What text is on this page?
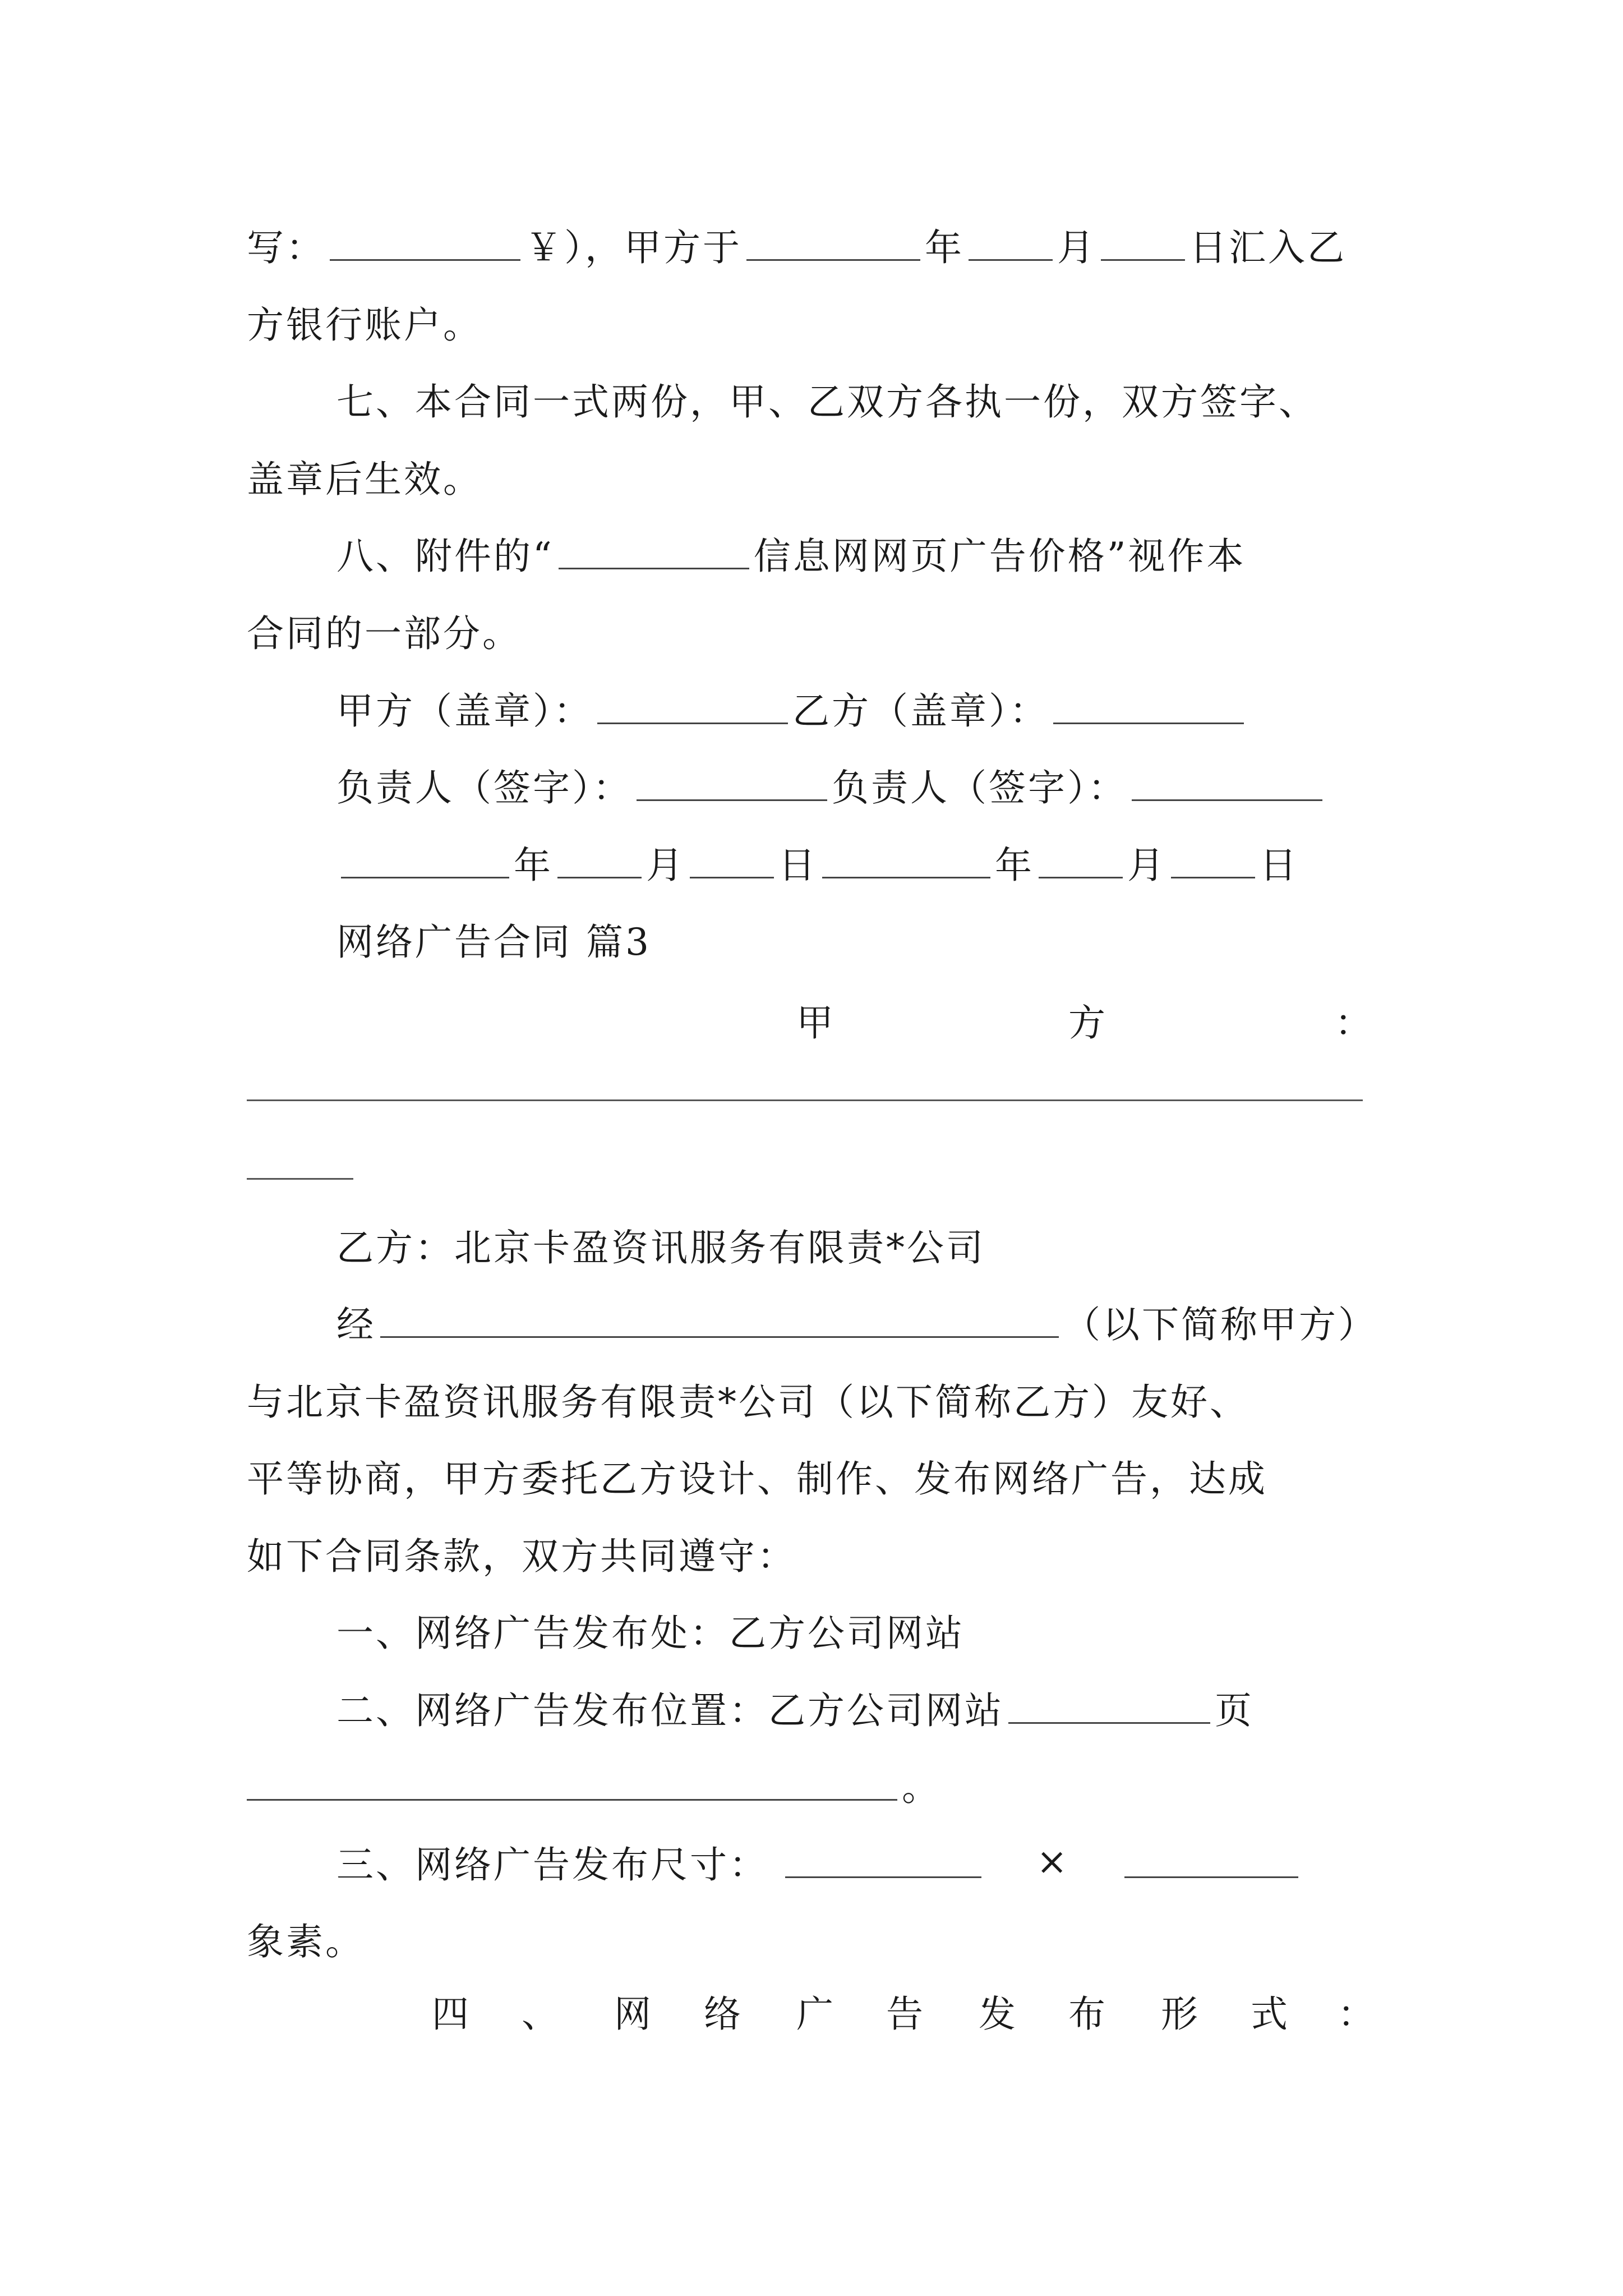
写：	￥），甲方于	年	月	日汇入乙
方银行账户。
七、本合同一式两份，甲、乙双方各执一份，双方签字、
盖章后生效。
八、附件的“	信息网网页广告价格”视作本
合同的一部分。
甲方（盖章）：	乙方（盖章）：
负责人（签字）：	负责人（签字）：
年	月	日	年	月	日
网络广告合同 篇3
甲	方	：
乙方：北京卡盈资讯服务有限责*公司
经	（以下简称甲方）
与北京卡盈资讯服务有限责*公司（以下简称乙方）友好、
平等协商，甲方委托乙方设计、制作、发布网络广告，达成
如下合同条款，双方共同遵守：
一、网络广告发布处：乙方公司网站
二、网络广告发布位置：乙方公司网站	页
。
三、网络广告发布尺寸：	×
象素。
四 、 网 络 广 告 发 布 形 式 ：
